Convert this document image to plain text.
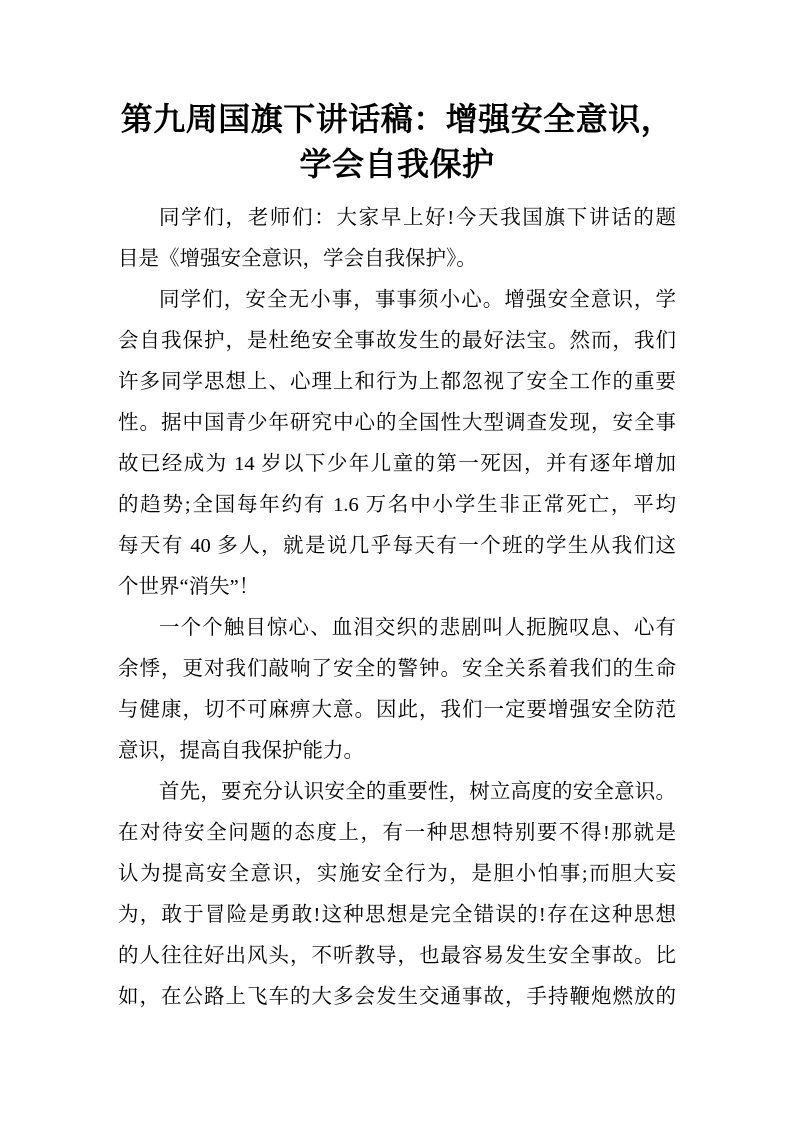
第九周国旗下讲话稿：增强安全意识，
学会自我保护
同学们，老师们：大家早上好!今天我国旗下讲话的题
目是《增强安全意识，学会自我保护》。
同学们，安全无小事，事事须小心。增强安全意识，学
会自我保护，是杜绝安全事故发生的最好法宝。然而，我们
许多同学思想上、心理上和行为上都忽视了安全工作的重要
性。据中国青少年研究中心的全国性大型调查发现，安全事
故已经成为 14 岁以下少年儿童的第一死因，并有逐年增加
的趋势;全国每年约有 1.6 万名中小学生非正常死亡，平均
每天有 40 多人，就是说几乎每天有一个班的学生从我们这
个世界“消失”！
一个个触目惊心、血泪交织的悲剧叫人扼腕叹息、心有
余悸，更对我们敲响了安全的警钟。安全关系着我们的生命
与健康，切不可麻痹大意。因此，我们一定要增强安全防范
意识，提高自我保护能力。
首先，要充分认识安全的重要性，树立高度的安全意识。
在对待安全问题的态度上，有一种思想特别要不得!那就是
认为提高安全意识，实施安全行为，是胆小怕事;而胆大妄
为，敢于冒险是勇敢!这种思想是完全错误的!存在这种思想
的人往往好出风头，不听教导，也最容易发生安全事故。比
如，在公路上飞车的大多会发生交通事故，手持鞭炮燃放的
